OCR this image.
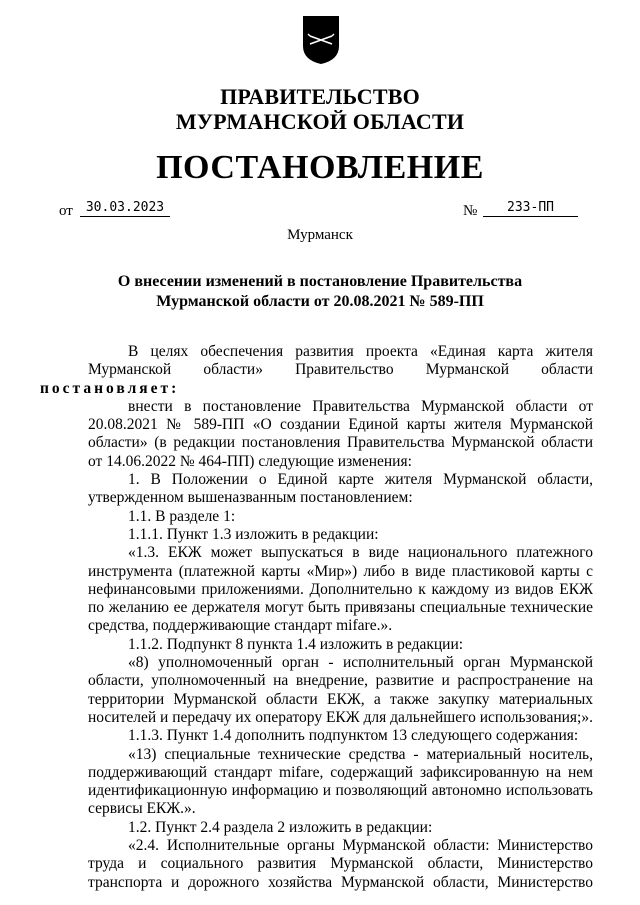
ПРАВИТЕЛЬСТВО
МУРМАНСКОЙ ОБЛАСТИ
ПОСТАНОВЛЕНИЕ
от	30.03.2023	№	233-ПП
Мурманск
О внесении изменений в постановление Правительства
Мурманской области от 20.08.2021 № 589-ПП

В целях обеспечения развития проекта «Единая карта жителя Мурманской области» Правительство Мурманской области

постановляет:

внести в постановление Правительства Мурманской области от 20.08.2021 № 589-ПП «О создании Единой карты жителя Мурманской области» (в редакции постановления Правительства Мурманской области от 14.06.2022 № 464-ПП) следующие изменения:

1. В Положении о Единой карте жителя Мурманской области, утвержденном вышеназванным постановлением:

1.1. В разделе 1:

1.1.1. Пункт 1.3 изложить в редакции:

«1.3. ЕКЖ может выпускаться в виде национального платежного инструмента (платежной карты «Мир») либо в виде пластиковой карты с нефинансовыми приложениями. Дополнительно к каждому из видов ЕКЖ по желанию ее держателя могут быть привязаны специальные технические средства, поддерживающие стандарт mifare.».

1.1.2. Подпункт 8 пункта 1.4 изложить в редакции:

«8) уполномоченный орган - исполнительный орган Мурманской области, уполномоченный на внедрение, развитие и распространение на территории Мурманской области ЕКЖ, а также закупку материальных носителей и передачу их оператору ЕКЖ для дальнейшего использования;».

1.1.3. Пункт 1.4 дополнить подпунктом 13 следующего содержания:

«13) специальные технические средства - материальный носитель, поддерживающий стандарт mifare, содержащий зафиксированную на нем идентификационную информацию и позволяющий автономно использовать сервисы ЕКЖ.».

1.2. Пункт 2.4 раздела 2 изложить в редакции:

«2.4. Исполнительные органы Мурманской области: Министерство труда и социального развития Мурманской области, Министерство транспорта и дорожного хозяйства Мурманской области, Министерство
